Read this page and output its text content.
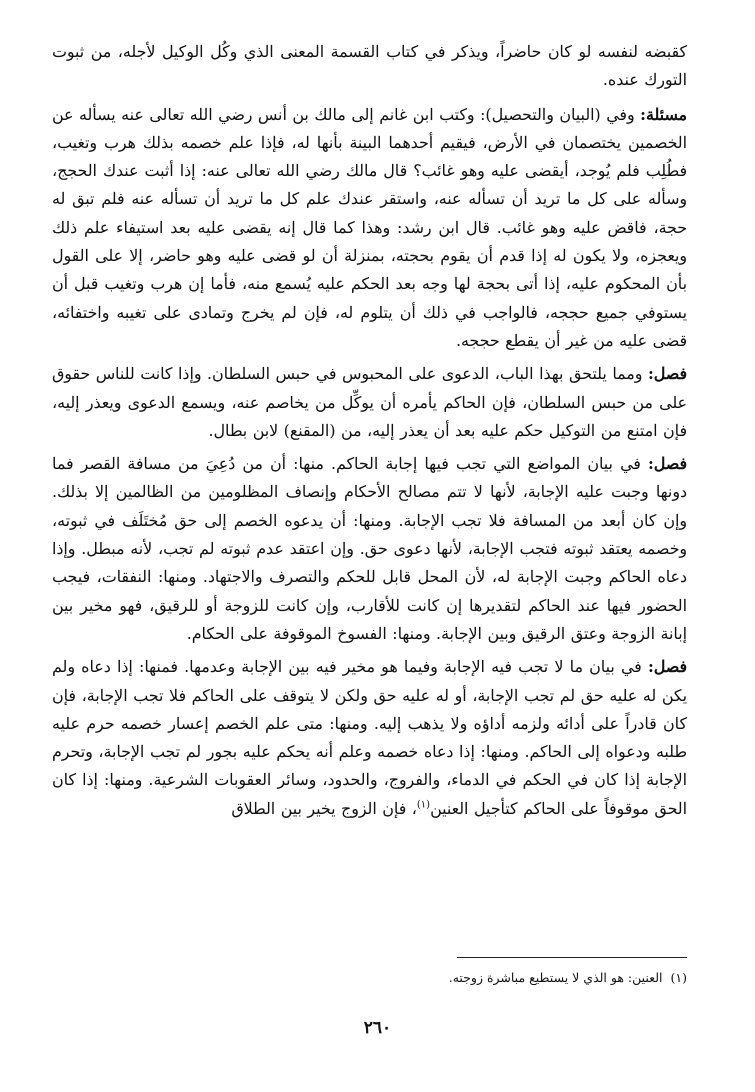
كقبضه لنفسه لو كان حاضراً، ويذكر في كتاب القسمة المعنى الذي وكُل الوكيل لأجله، من ثبوت التورك عنده.

مسئلة: وفي (البيان والتحصيل): وكتب ابن غانم إلى مالك بن أنس رضي الله تعالى عنه يسأله عن الخصمين يختصمان في الأرض، فيقيم أحدهما البينة بأنها له، فإذا علم خصمه بذلك هرب وتغيب، فطُلِب فلم يُوجد، أيقضى عليه وهو غائب؟ قال مالك رضي الله تعالى عنه: إذا أثبت عندك الحجج، وسأله على كل ما تريد أن تسأله عنه، واستقر عندك علم كل ما تريد أن تسأله عنه فلم تبق له حجة، فاقض عليه وهو غائب. قال ابن رشد: وهذا كما قال إنه يقضى عليه بعد استيفاء علم ذلك ويعجزه، ولا يكون له إذا قدم أن يقوم بحجته، بمنزلة أن لو قضى عليه وهو حاضر، إلا على القول بأن المحكوم عليه، إذا أتى بحجة لها وجه بعد الحكم عليه يُسمع منه، فأما إن هرب وتغيب قبل أن يستوفي جميع حججه، فالواجب في ذلك أن يتلوم له، فإن لم يخرج وتمادى على تغيبه واختفائه، قضى عليه من غير أن يقطع حججه.

فصل: ومما يلتحق بهذا الباب، الدعوى على المحبوس في حبس السلطان. وإذا كانت للناس حقوق على من حبس السلطان، فإن الحاكم يأمره أن يوكِّل من يخاصم عنه، ويسمع الدعوى ويعذر إليه، فإن امتنع من التوكيل حكم عليه بعد أن يعذر إليه، من (المقنع) لابن بطال.

فصل: في بيان المواضع التي تجب فيها إجابة الحاكم. منها: أن من دُعِيَ من مسافة القصر فما دونها وجبت عليه الإجابة، لأنها لا تتم مصالح الأحكام وإنصاف المظلومين من الظالمين إلا بذلك. وإن كان أبعد من المسافة فلا تجب الإجابة. ومنها: أن يدعوه الخصم إلى حق مُختَلَف في ثبوته، وخصمه يعتقد ثبوته فتجب الإجابة، لأنها دعوى حق. وإن اعتقد عدم ثبوته لم تجب، لأنه مبطل. وإذا دعاه الحاكم وجبت الإجابة له، لأن المحل قابل للحكم والتصرف والاجتهاد. ومنها: النفقات، فيجب الحضور فيها عند الحاكم لتقديرها إن كانت للأقارب، وإن كانت للزوجة أو للرقيق، فهو مخير بين إبانة الزوجة وعتق الرقيق وبين الإجابة. ومنها: الفسوخ الموقوفة على الحكام.

فصل: في بيان ما لا تجب فيه الإجابة وفيما هو مخير فيه بين الإجابة وعدمها. فمنها: إذا دعاه ولم يكن له عليه حق لم تجب الإجابة، أو له عليه حق ولكن لا يتوقف على الحاكم فلا تجب الإجابة، فإن كان قادراً على أدائه ولزمه أداؤه ولا يذهب إليه. ومنها: متى علم الخصم إعسار خصمه حرم عليه طلبه ودعواه إلى الحاكم. ومنها: إذا دعاه خصمه وعلم أنه يحكم عليه بجور لم تجب الإجابة، وتحرم الإجابة إذا كان في الحكم في الدماء، والفروج، والحدود، وسائر العقوبات الشرعية. ومنها: إذا كان الحق موقوفاً على الحاكم كتأجيل العنين$^{(١)}$، فإن الزوج يخير بين الطلاق

(١)العنين: هو الذي لا يستطيع مباشرة زوجته.
٢٦٠
